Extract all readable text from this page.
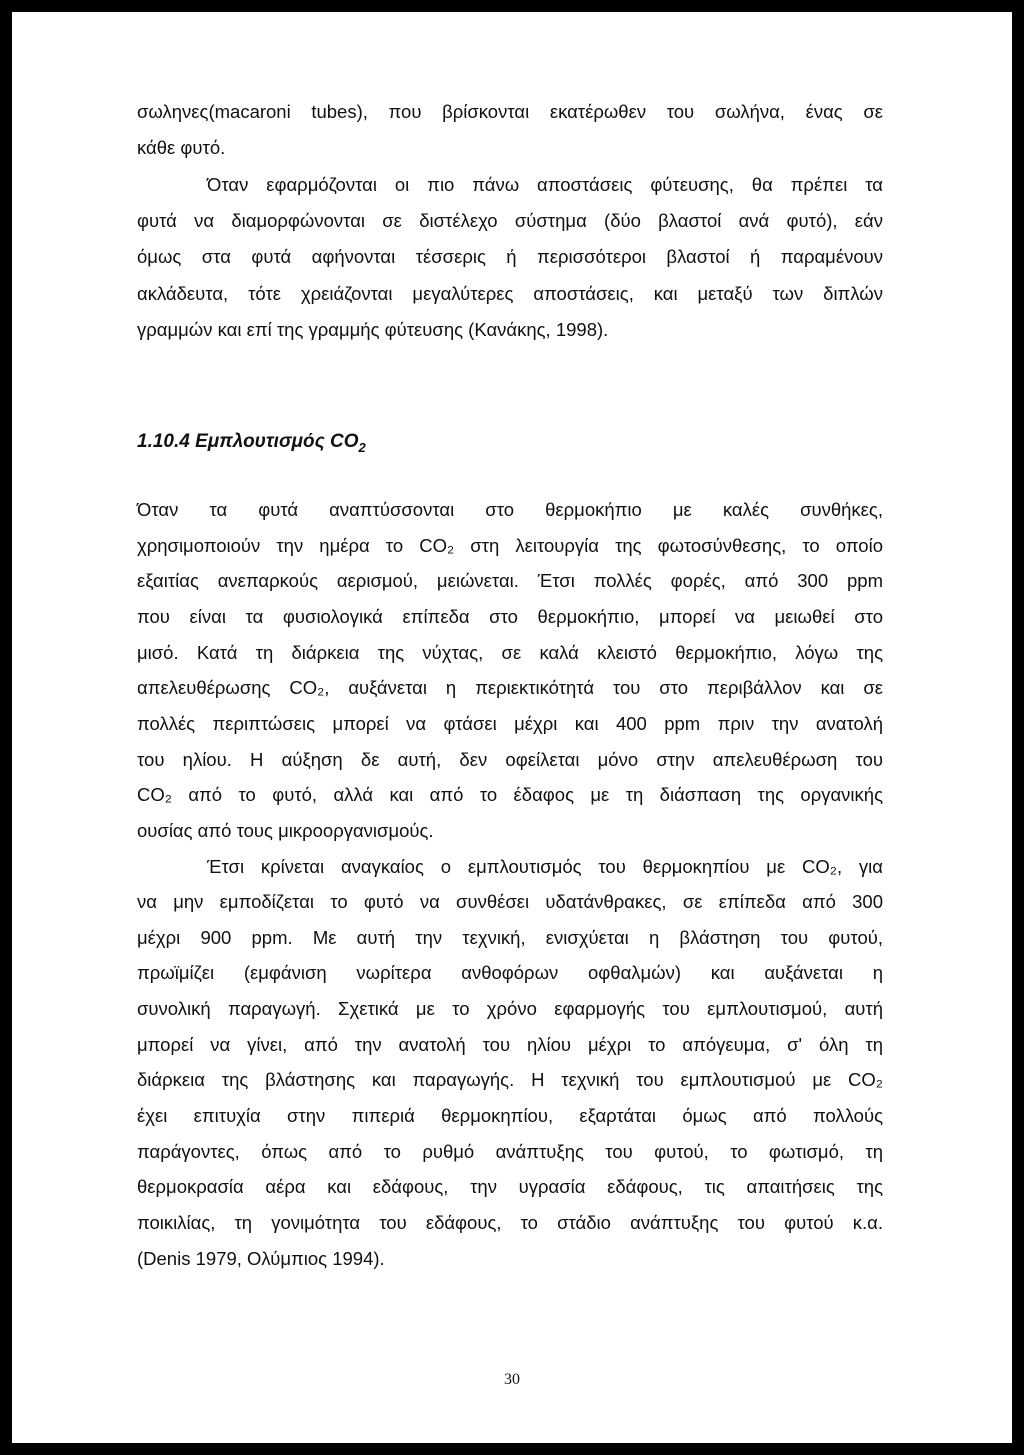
σωληνες(macaroni tubes), που βρίσκονται εκατέρωθεν του σωλήνα, ένας σε

κάθε φυτό.

Όταν εφαρμόζονται οι πιο πάνω αποστάσεις φύτευσης, θα πρέπει τα

φυτά να διαμορφώνονται σε διστέλεχο σύστημα (δύο βλαστοί ανά φυτό), εάν

όμως στα φυτά αφήνονται τέσσερις ή περισσότεροι βλαστοί ή παραμένουν

ακλάδευτα, τότε χρειάζονται μεγαλύτερες αποστάσεις, και μεταξύ των διπλών

γραμμών και επί της γραμμής φύτευσης (Κανάκης, 1998).

1.10.4 Εμπλουτισμός $CO_2$

Όταν τα φυτά αναπτύσσονται στο θερμοκήπιο με καλές συνθήκες,

χρησιμοποιούν την ημέρα το CO₂ στη λειτουργία της φωτοσύνθεσης, το οποίο

εξαιτίας ανεπαρκούς αερισμού, μειώνεται. Έτσι πολλές φορές, από 300 ppm

που είναι τα φυσιολογικά επίπεδα στο θερμοκήπιο, μπορεί να μειωθεί στο

μισό. Κατά τη διάρκεια της νύχτας, σε καλά κλειστό θερμοκήπιο, λόγω της

απελευθέρωσης CO₂, αυξάνεται η περιεκτικότητά του στο περιβάλλον και σε

πολλές περιπτώσεις μπορεί να φτάσει μέχρι και 400 ppm πριν την ανατολή

του ηλίου. Η αύξηση δε αυτή, δεν οφείλεται μόνο στην απελευθέρωση του

CO₂ από το φυτό, αλλά και από το έδαφος με τη διάσπαση της οργανικής

ουσίας από τους μικροοργανισμούς.

Έτσι κρίνεται αναγκαίος ο εμπλουτισμός του θερμοκηπίου με CO₂, για

να μην εμποδίζεται το φυτό να συνθέσει υδατάνθρακες, σε επίπεδα από 300

μέχρι 900 ppm. Με αυτή την τεχνική, ενισχύεται η βλάστηση του φυτού,

πρωϊμίζει (εμφάνιση νωρίτερα ανθοφόρων οφθαλμών) και αυξάνεται η

συνολική παραγωγή. Σχετικά με το χρόνο εφαρμογής του εμπλουτισμού, αυτή

μπορεί να γίνει, από την ανατολή του ηλίου μέχρι το απόγευμα, σ' όλη τη

διάρκεια της βλάστησης και παραγωγής. Η τεχνική του εμπλουτισμού με CO₂

έχει επιτυχία στην πιπεριά θερμοκηπίου, εξαρτάται όμως από πολλούς

παράγοντες, όπως από το ρυθμό ανάπτυξης του φυτού, το φωτισμό, τη

θερμοκρασία αέρα και εδάφους, την υγρασία εδάφους, τις απαιτήσεις της

ποικιλίας, τη γονιμότητα του εδάφους, το στάδιο ανάπτυξης του φυτού κ.α.

(Denis 1979, Ολύμπιος 1994).

30
